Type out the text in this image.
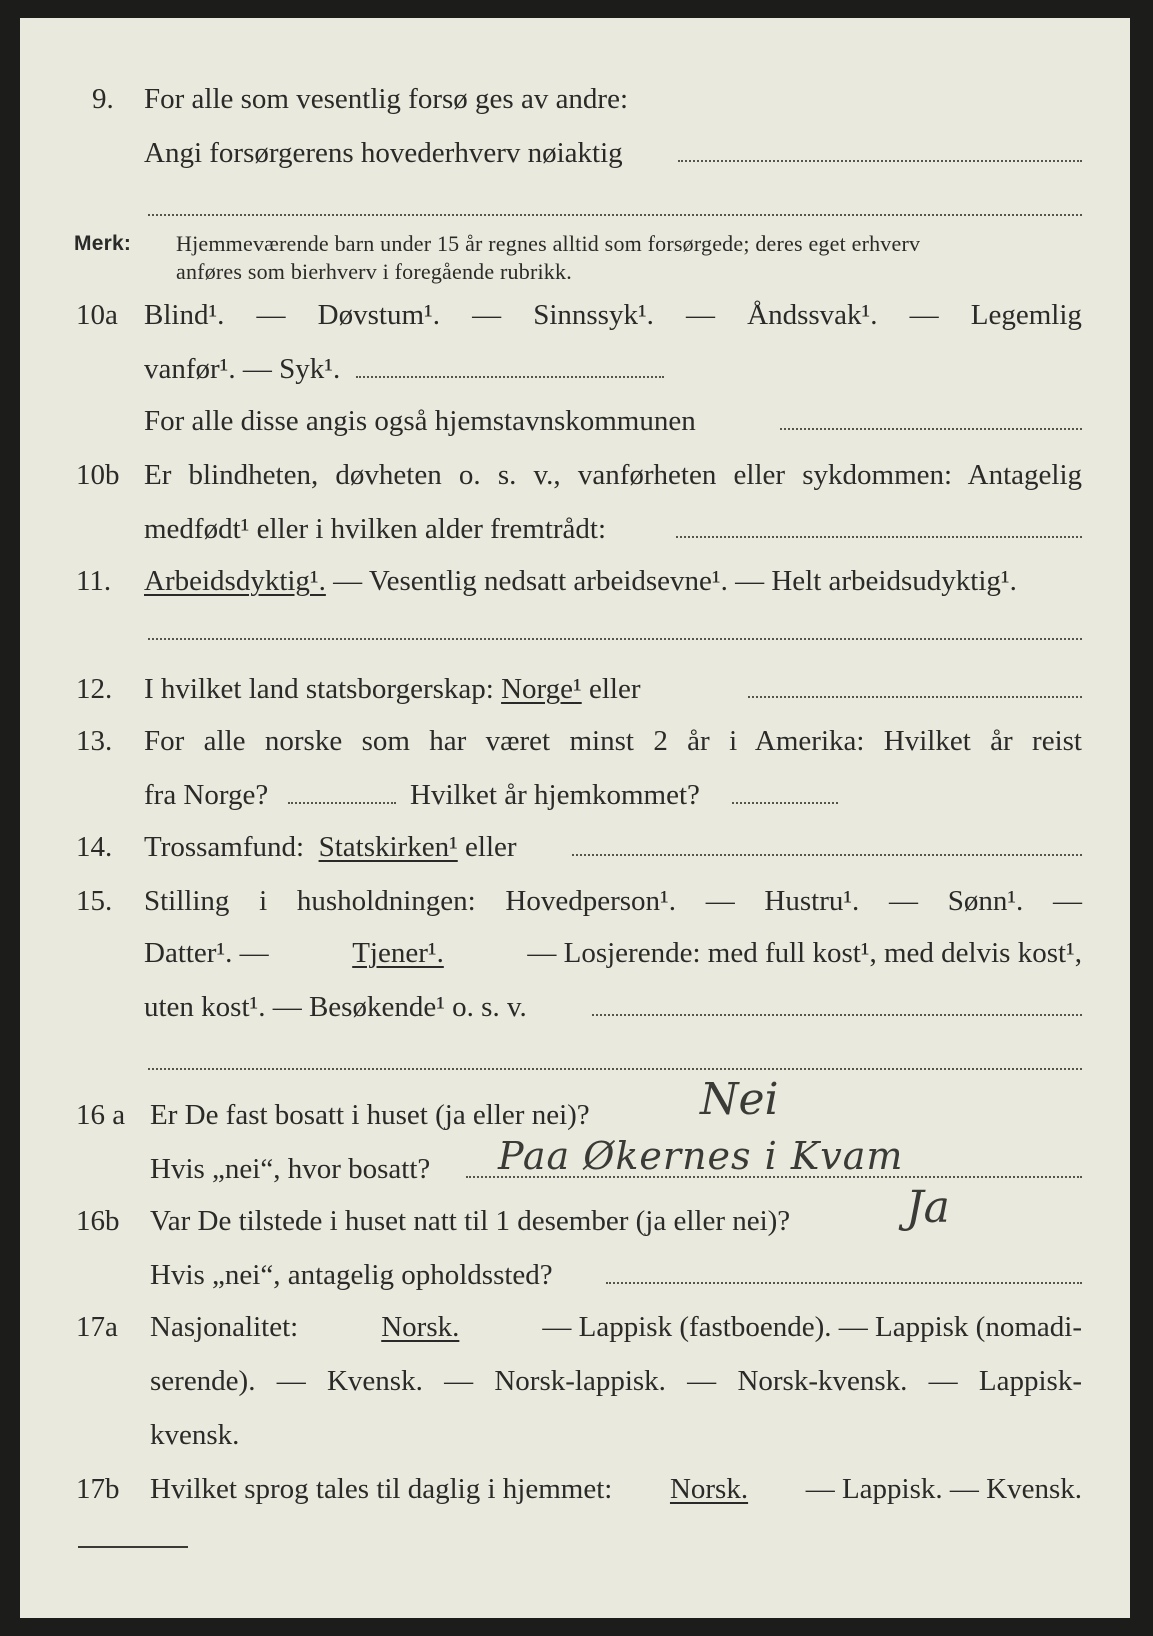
9. For alle som vesentlig forsø ges av andre:
Angi forsørgerens hovederhverv nøiaktig
Merk: Hjemmeværende barn under 15 år regnes alltid som forsørgede; deres eget erhverv
anføres som bierhverv i foregående rubrikk.
10a Blind¹. — Døvstum¹. — Sinnssyk¹. — Åndssvak¹. — Legemlig
vanfør¹. — Syk¹.
For alle disse angis også hjemstavnskommunen
10b Er blindheten, døvheten o. s. v., vanførheten eller sykdommen: Antagelig
medfødt¹ eller i hvilken alder fremtrådt:
11. Arbeidsdyktig¹. — Vesentlig nedsatt arbeidsevne¹. — Helt arbeidsudyktig¹.
12. I hvilket land statsborgerskap: Norge¹ eller
13. For alle norske som har været minst 2 år i Amerika: Hvilket år reist
fra Norge?	Hvilket år hjemkommet?
14. Trossamfund: Statskirken¹ eller
15. Stilling i husholdningen: Hovedperson¹. — Hustru¹. — Sønn¹. —
Datter¹. —	Tjener¹.	— Losjerende: med full kost¹, med delvis kost¹,
uten kost¹. — Besøkende¹ o. s. v.
16 a Er De fast bosatt i huset (ja eller nei)?	Nei
Hvis „nei“, hvor bosatt? Paa Økernes i Kvam
16b Var De tilstede i huset natt til 1 desember (ja eller nei)?	Ja
Hvis „nei“, antagelig opholdssted?
17a Nasjonalitet:	Norsk.	— Lappisk (fastboende). — Lappisk (nomadi-
serende). — Kvensk. — Norsk-lappisk. — Norsk-kvensk. — Lappisk-
kvensk.
17b Hvilket sprog tales til daglig i hjemmet: Norsk. — Lappisk. — Kvensk.
